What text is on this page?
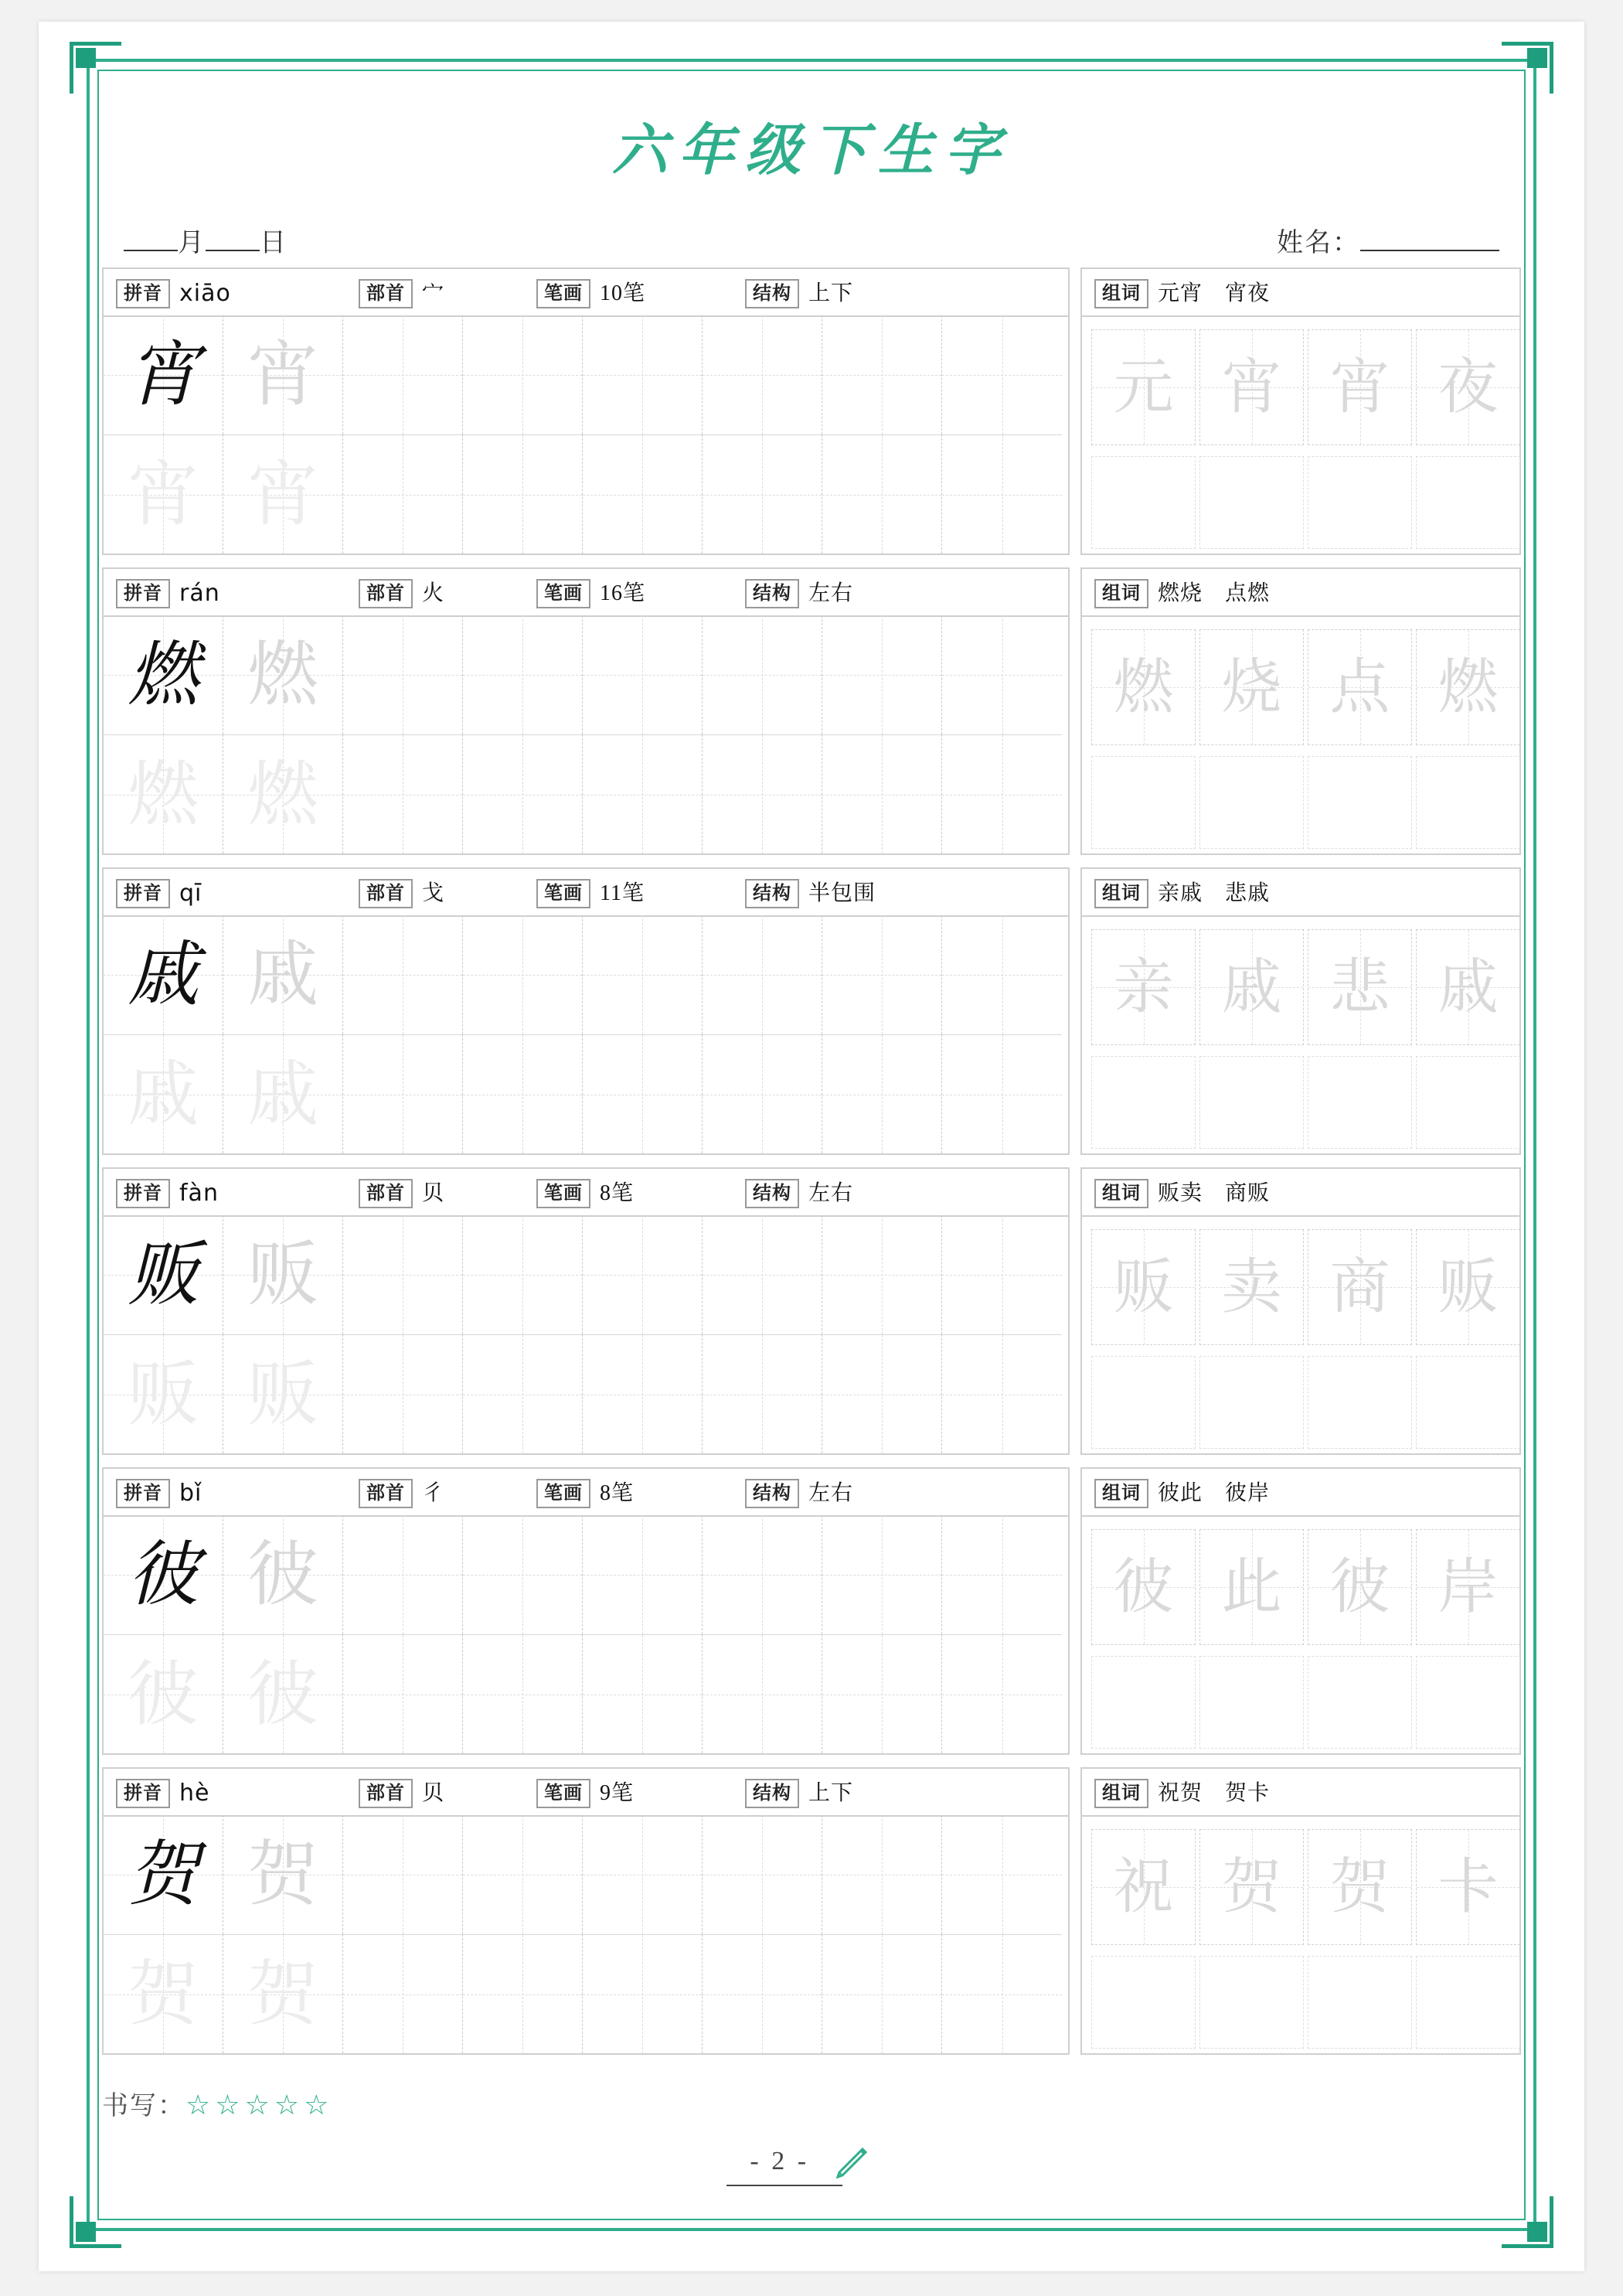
六年级下生字
月 日	姓名：
拼音 xiāo	部首 宀	笔画 10笔	结构 上下
宵 宵
宵 宵
组词 元宵　宵夜
元 宵 宵 夜
拼音 rán	部首 火	笔画 16笔	结构 左右
燃 燃
燃 燃
组词 燃烧　点燃
燃 烧 点 燃
拼音 qī	部首 戈	笔画 11笔	结构 半包围
戚 戚
戚 戚
组词 亲戚　悲戚
亲 戚 悲 戚
拼音 fàn	部首 贝	笔画 8笔	结构 左右
贩 贩
贩 贩
组词 贩卖　商贩
贩 卖 商 贩
拼音 bǐ	部首 彳	笔画 8笔	结构 左右
彼 彼
彼 彼
组词 彼此　彼岸
彼 此 彼 岸
拼音 hè	部首 贝	笔画 9笔	结构 上下
贺 贺
贺 贺
组词 祝贺　贺卡
祝 贺 贺 卡
书写：☆☆☆☆☆
- 2 -
